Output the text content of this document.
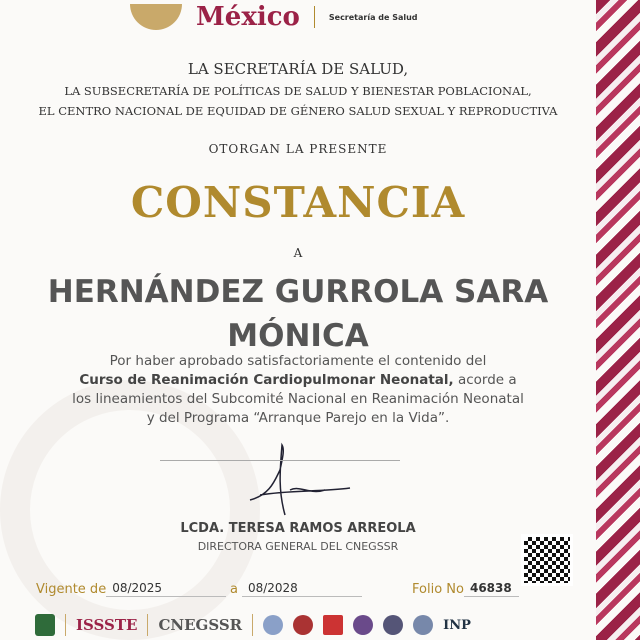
México	Secretaría de Salud
LA SECRETARÍA DE SALUD,
LA SUBSECRETARÍA DE POLÍTICAS DE SALUD Y BIENESTAR POBLACIONAL,
EL CENTRO NACIONAL DE EQUIDAD DE GÉNERO SALUD SEXUAL Y REPRODUCTIVA
OTORGAN LA PRESENTE
CONSTANCIA
A
HERNÁNDEZ GURROLA SARA MÓNICA
Por haber aprobado satisfactoriamente el contenido del
Curso de Reanimación Cardiopulmonar Neonatal, acorde a los lineamientos del Subcomité Nacional en Reanimación Neonatal y del Programa “Arranque Parejo en la Vida”.
LCDA. TERESA RAMOS ARREOLA
DIRECTORA GENERAL DEL CNEGSSR
Vigente de 08/2025	a 08/2028	Folio No 46838
ISSSTE CNEGSSR	INP
